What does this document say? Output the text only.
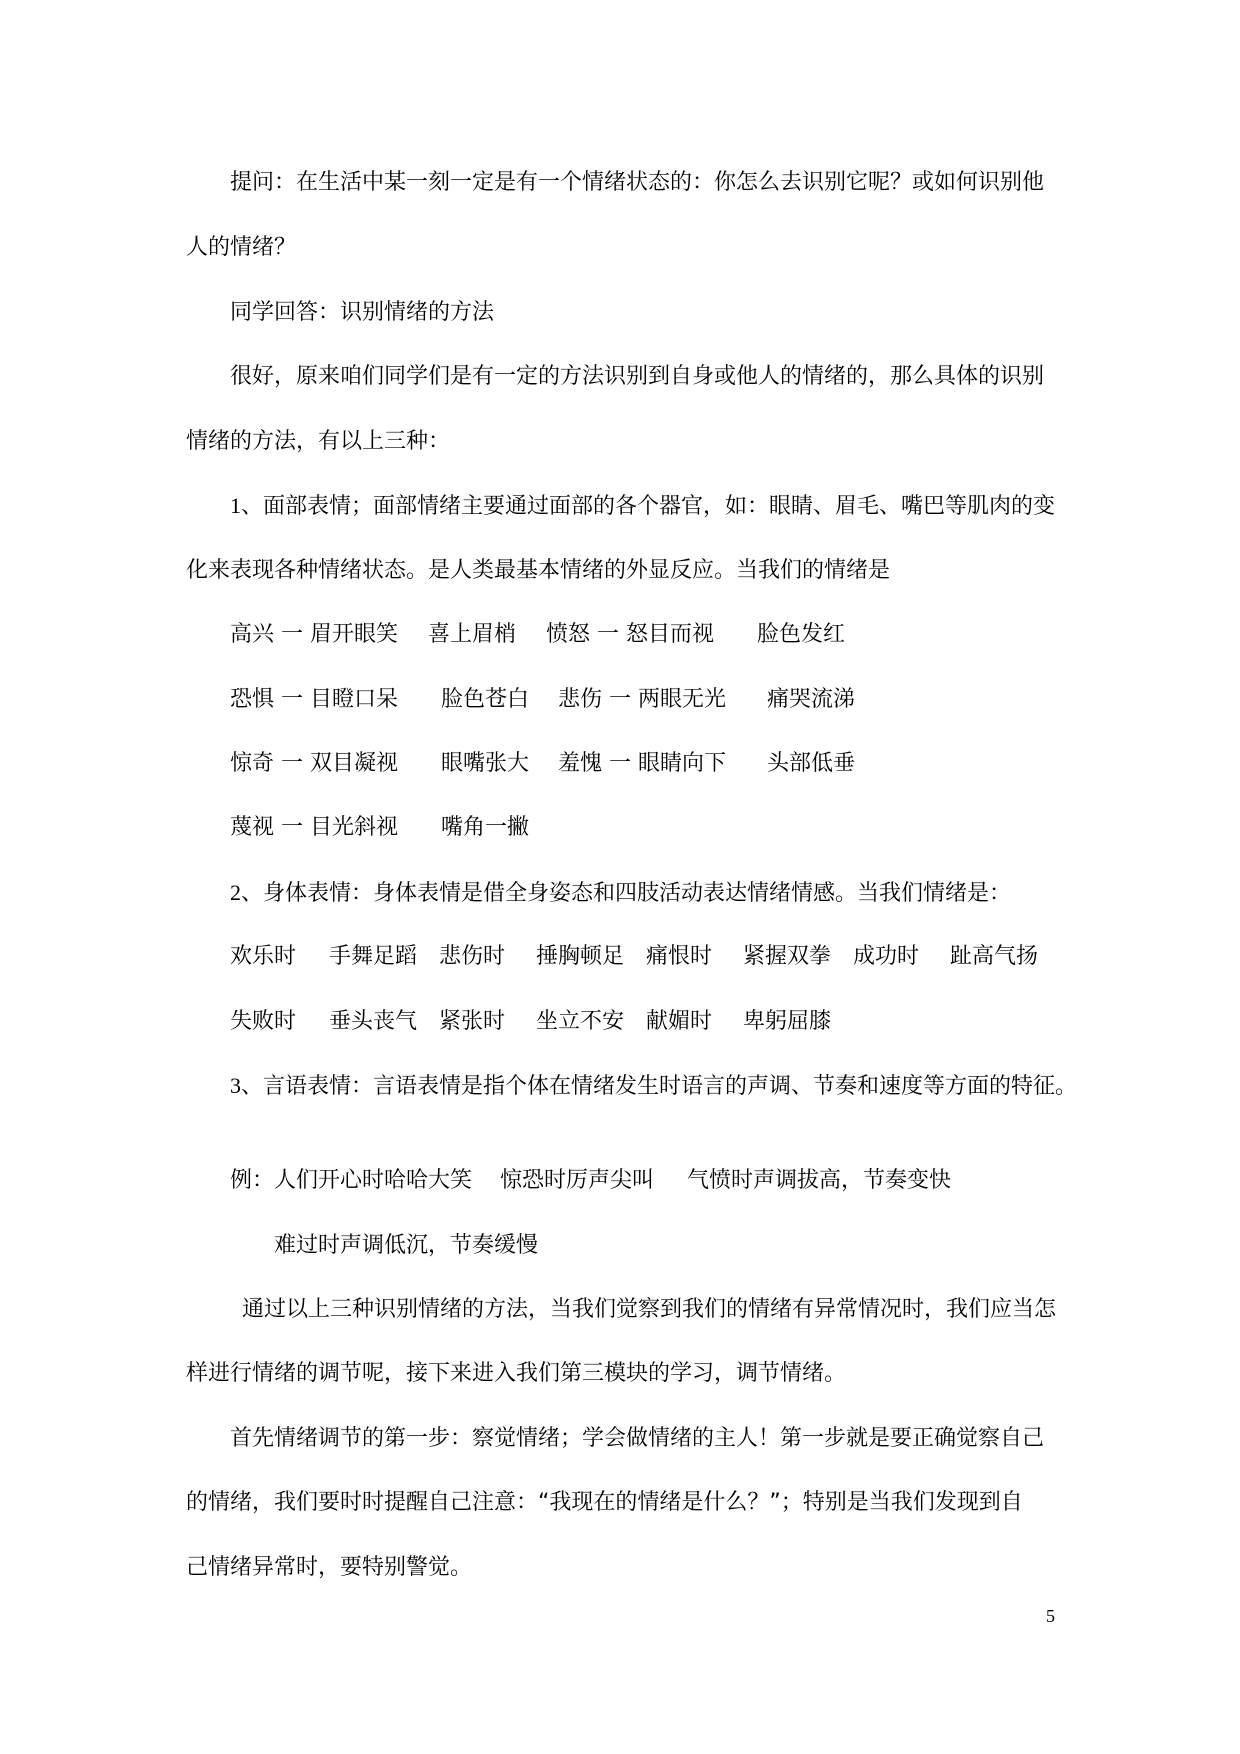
提问：在生活中某一刻一定是有一个情绪状态的：你怎么去识别它呢？或如何识别他
人的情绪？
同学回答：识别情绪的方法
很好，原来咱们同学们是有一定的方法识别到自身或他人的情绪的，那么具体的识别
情绪的方法，有以上三种：
1、面部表情；面部情绪主要通过面部的各个器官，如：眼睛、眉毛、嘴巴等肌肉的变
化来表现各种情绪状态。是人类最基本情绪的外显反应。当我们的情绪是
高兴 一 眉开眼笑 喜上眉梢 愤怒 一 怒目而视 脸色发红
恐惧 一 目瞪口呆 脸色苍白 悲伤 一 两眼无光 痛哭流涕
惊奇 一 双目凝视 眼嘴张大 羞愧 一 眼睛向下 头部低垂
蔑视 一 目光斜视 嘴角一撇
2、身体表情：身体表情是借全身姿态和四肢活动表达情绪情感。当我们情绪是：
欢乐时 手舞足蹈 悲伤时 捶胸顿足 痛恨时 紧握双拳 成功时 趾高气扬
失败时 垂头丧气 紧张时 坐立不安 献媚时 卑躬屈膝
3、言语表情：言语表情是指个体在情绪发生时语言的声调、节奏和速度等方面的特征。
例：人们开心时哈哈大笑 惊恐时厉声尖叫 气愤时声调拔高，节奏变快
难过时声调低沉，节奏缓慢
通过以上三种识别情绪的方法，当我们觉察到我们的情绪有异常情况时，我们应当怎
样进行情绪的调节呢，接下来进入我们第三模块的学习，调节情绪。
首先情绪调节的第一步：察觉情绪；学会做情绪的主人！第一步就是要正确觉察自己
的情绪，我们要时时提醒自己注意：“我现在的情绪是什么？”；特别是当我们发现到自
己情绪异常时，要特别警觉。
5
